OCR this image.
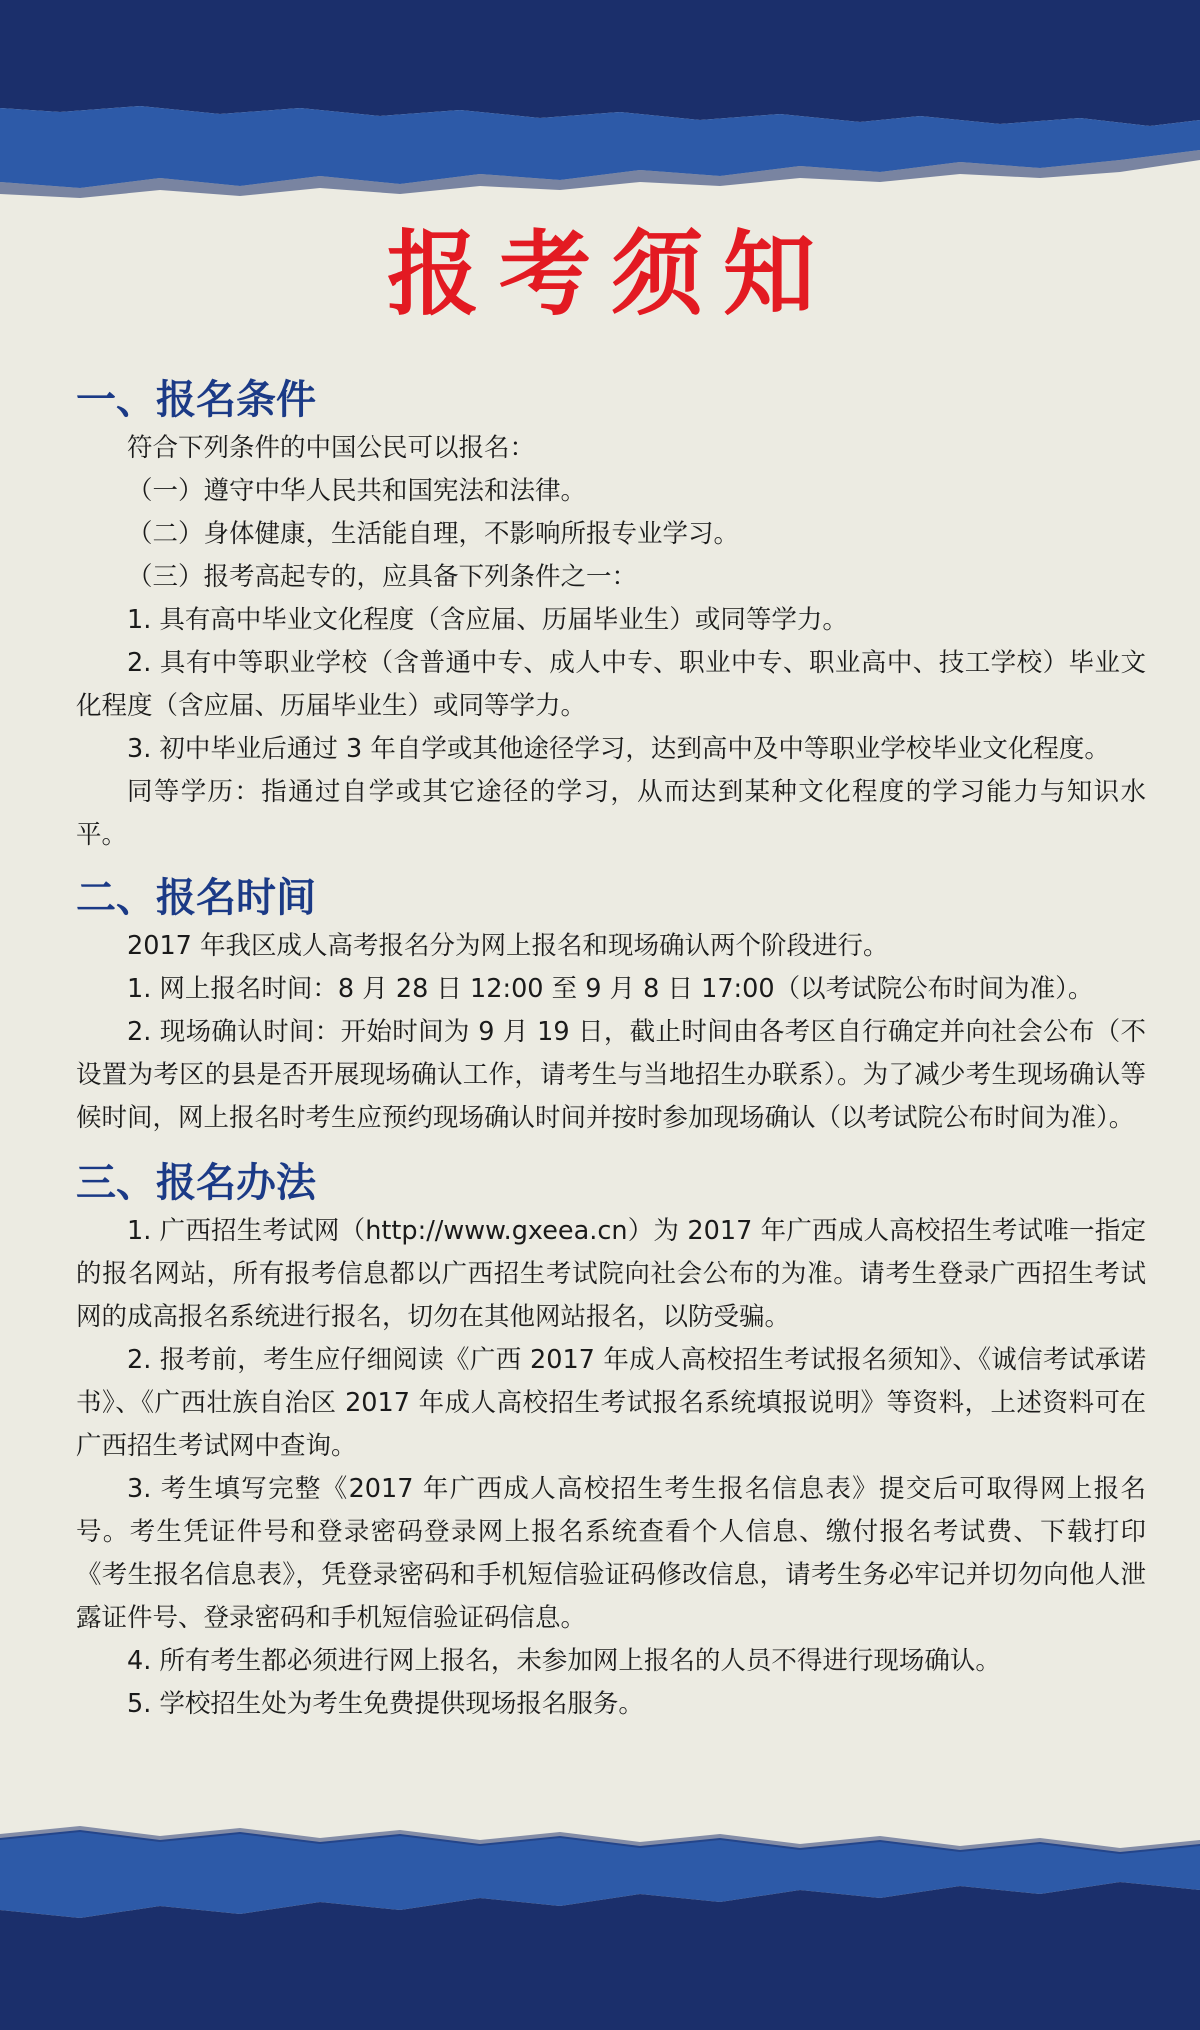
报考须知
一、报名条件

符合下列条件的中国公民可以报名：

（一）遵守中华人民共和国宪法和法律。

（二）身体健康，生活能自理，不影响所报专业学习。

（三）报考高起专的，应具备下列条件之一：

1. 具有高中毕业文化程度（含应届、历届毕业生）或同等学力。

2. 具有中等职业学校（含普通中专、成人中专、职业中专、职业高中、技工学校）毕业文化程度（含应届、历届毕业生）或同等学力。

3. 初中毕业后通过 3 年自学或其他途径学习，达到高中及中等职业学校毕业文化程度。

同等学历：指通过自学或其它途径的学习，从而达到某种文化程度的学习能力与知识水平。

二、报名时间

2017 年我区成人高考报名分为网上报名和现场确认两个阶段进行。

1. 网上报名时间：8 月 28 日 12:00 至 9 月 8 日 17:00（以考试院公布时间为准）。

2. 现场确认时间：开始时间为 9 月 19 日，截止时间由各考区自行确定并向社会公布（不设置为考区的县是否开展现场确认工作，请考生与当地招生办联系）。为了减少考生现场确认等候时间，网上报名时考生应预约现场确认时间并按时参加现场确认（以考试院公布时间为准）。

三、报名办法

1. 广西招生考试网（http://www.gxeea.cn）为 2017 年广西成人高校招生考试唯一指定的报名网站，所有报考信息都以广西招生考试院向社会公布的为准。请考生登录广西招生考试网的成高报名系统进行报名，切勿在其他网站报名，以防受骗。

2. 报考前，考生应仔细阅读《广西 2017 年成人高校招生考试报名须知》、《诚信考试承诺书》、《广西壮族自治区 2017 年成人高校招生考试报名系统填报说明》等资料，上述资料可在广西招生考试网中查询。

3. 考生填写完整《2017 年广西成人高校招生考生报名信息表》提交后可取得网上报名号。考生凭证件号和登录密码登录网上报名系统查看个人信息、缴付报名考试费、下载打印《考生报名信息表》，凭登录密码和手机短信验证码修改信息，请考生务必牢记并切勿向他人泄露证件号、登录密码和手机短信验证码信息。

4. 所有考生都必须进行网上报名，未参加网上报名的人员不得进行现场确认。

5. 学校招生处为考生免费提供现场报名服务。
